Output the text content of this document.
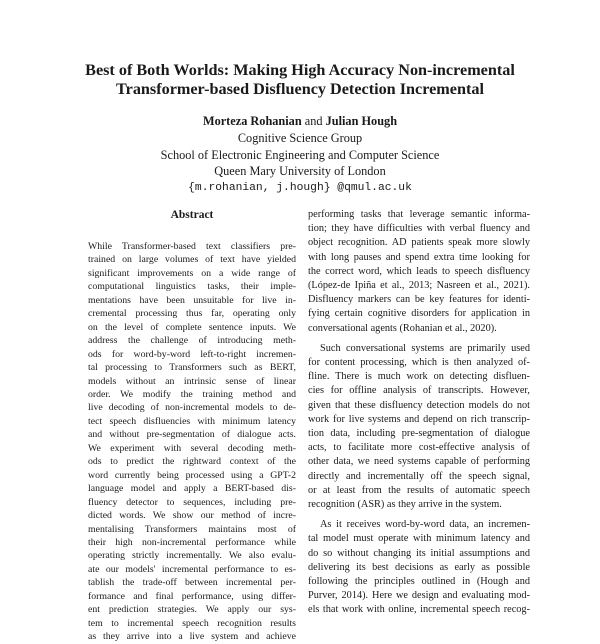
Best of Both Worlds: Making High Accuracy Non-incremental
Transformer-based Disfluency Detection Incremental
Morteza Rohanian and Julian Hough
Cognitive Science Group
School of Electronic Engineering and Computer Science
Queen Mary University of London
{m.rohanian, j.hough} @qmul.ac.uk
Abstract
While Transformer-based text classifiers pre-
trained on large volumes of text have yielded
significant improvements on a wide range of
computational linguistics tasks, their imple-
mentations have been unsuitable for live in-
cremental processing thus far, operating only
on the level of complete sentence inputs. We
address the challenge of introducing meth-
ods for word-by-word left-to-right incremen-
tal processing to Transformers such as BERT,
models without an intrinsic sense of linear
order. We modify the training method and
live decoding of non-incremental models to de-
tect speech disfluencies with minimum latency
and without pre-segmentation of dialogue acts.
We experiment with several decoding meth-
ods to predict the rightward context of the
word currently being processed using a GPT-2
language model and apply a BERT-based dis-
fluency detector to sequences, including pre-
dicted words. We show our method of incre-
mentalising Transformers maintains most of
their high non-incremental performance while
operating strictly incrementally. We also evalu-
ate our models' incremental performance to es-
tablish the trade-off between incremental per-
formance and final performance, using differ-
ent prediction strategies. We apply our sys-
tem to incremental speech recognition results
as they arrive into a live system and achieve
performing tasks that leverage semantic informa-
tion; they have difficulties with verbal fluency and
object recognition. AD patients speak more slowly
with long pauses and spend extra time looking for
the correct word, which leads to speech disfluency
(López-de Ipiña et al., 2013; Nasreen et al., 2021).
Disfluency markers can be key features for identi-
fying certain cognitive disorders for application in
conversational agents (Rohanian et al., 2020).
Such conversational systems are primarily used
for content processing, which is then analyzed of-
fline. There is much work on detecting disfluen-
cies for offline analysis of transcripts. However,
given that these disfluency detection models do not
work for live systems and depend on rich transcrip-
tion data, including pre-segmentation of dialogue
acts, to facilitate more cost-effective analysis of
other data, we need systems capable of performing
directly and incrementally off the speech signal,
or at least from the results of automatic speech
recognition (ASR) as they arrive in the system.
As it receives word-by-word data, an incremen-
tal model must operate with minimum latency and
do so without changing its initial assumptions and
delivering its best decisions as early as possible
following the principles outlined in (Hough and
Purver, 2014). Here we design and evaluating mod-
els that work with online, incremental speech recog-
